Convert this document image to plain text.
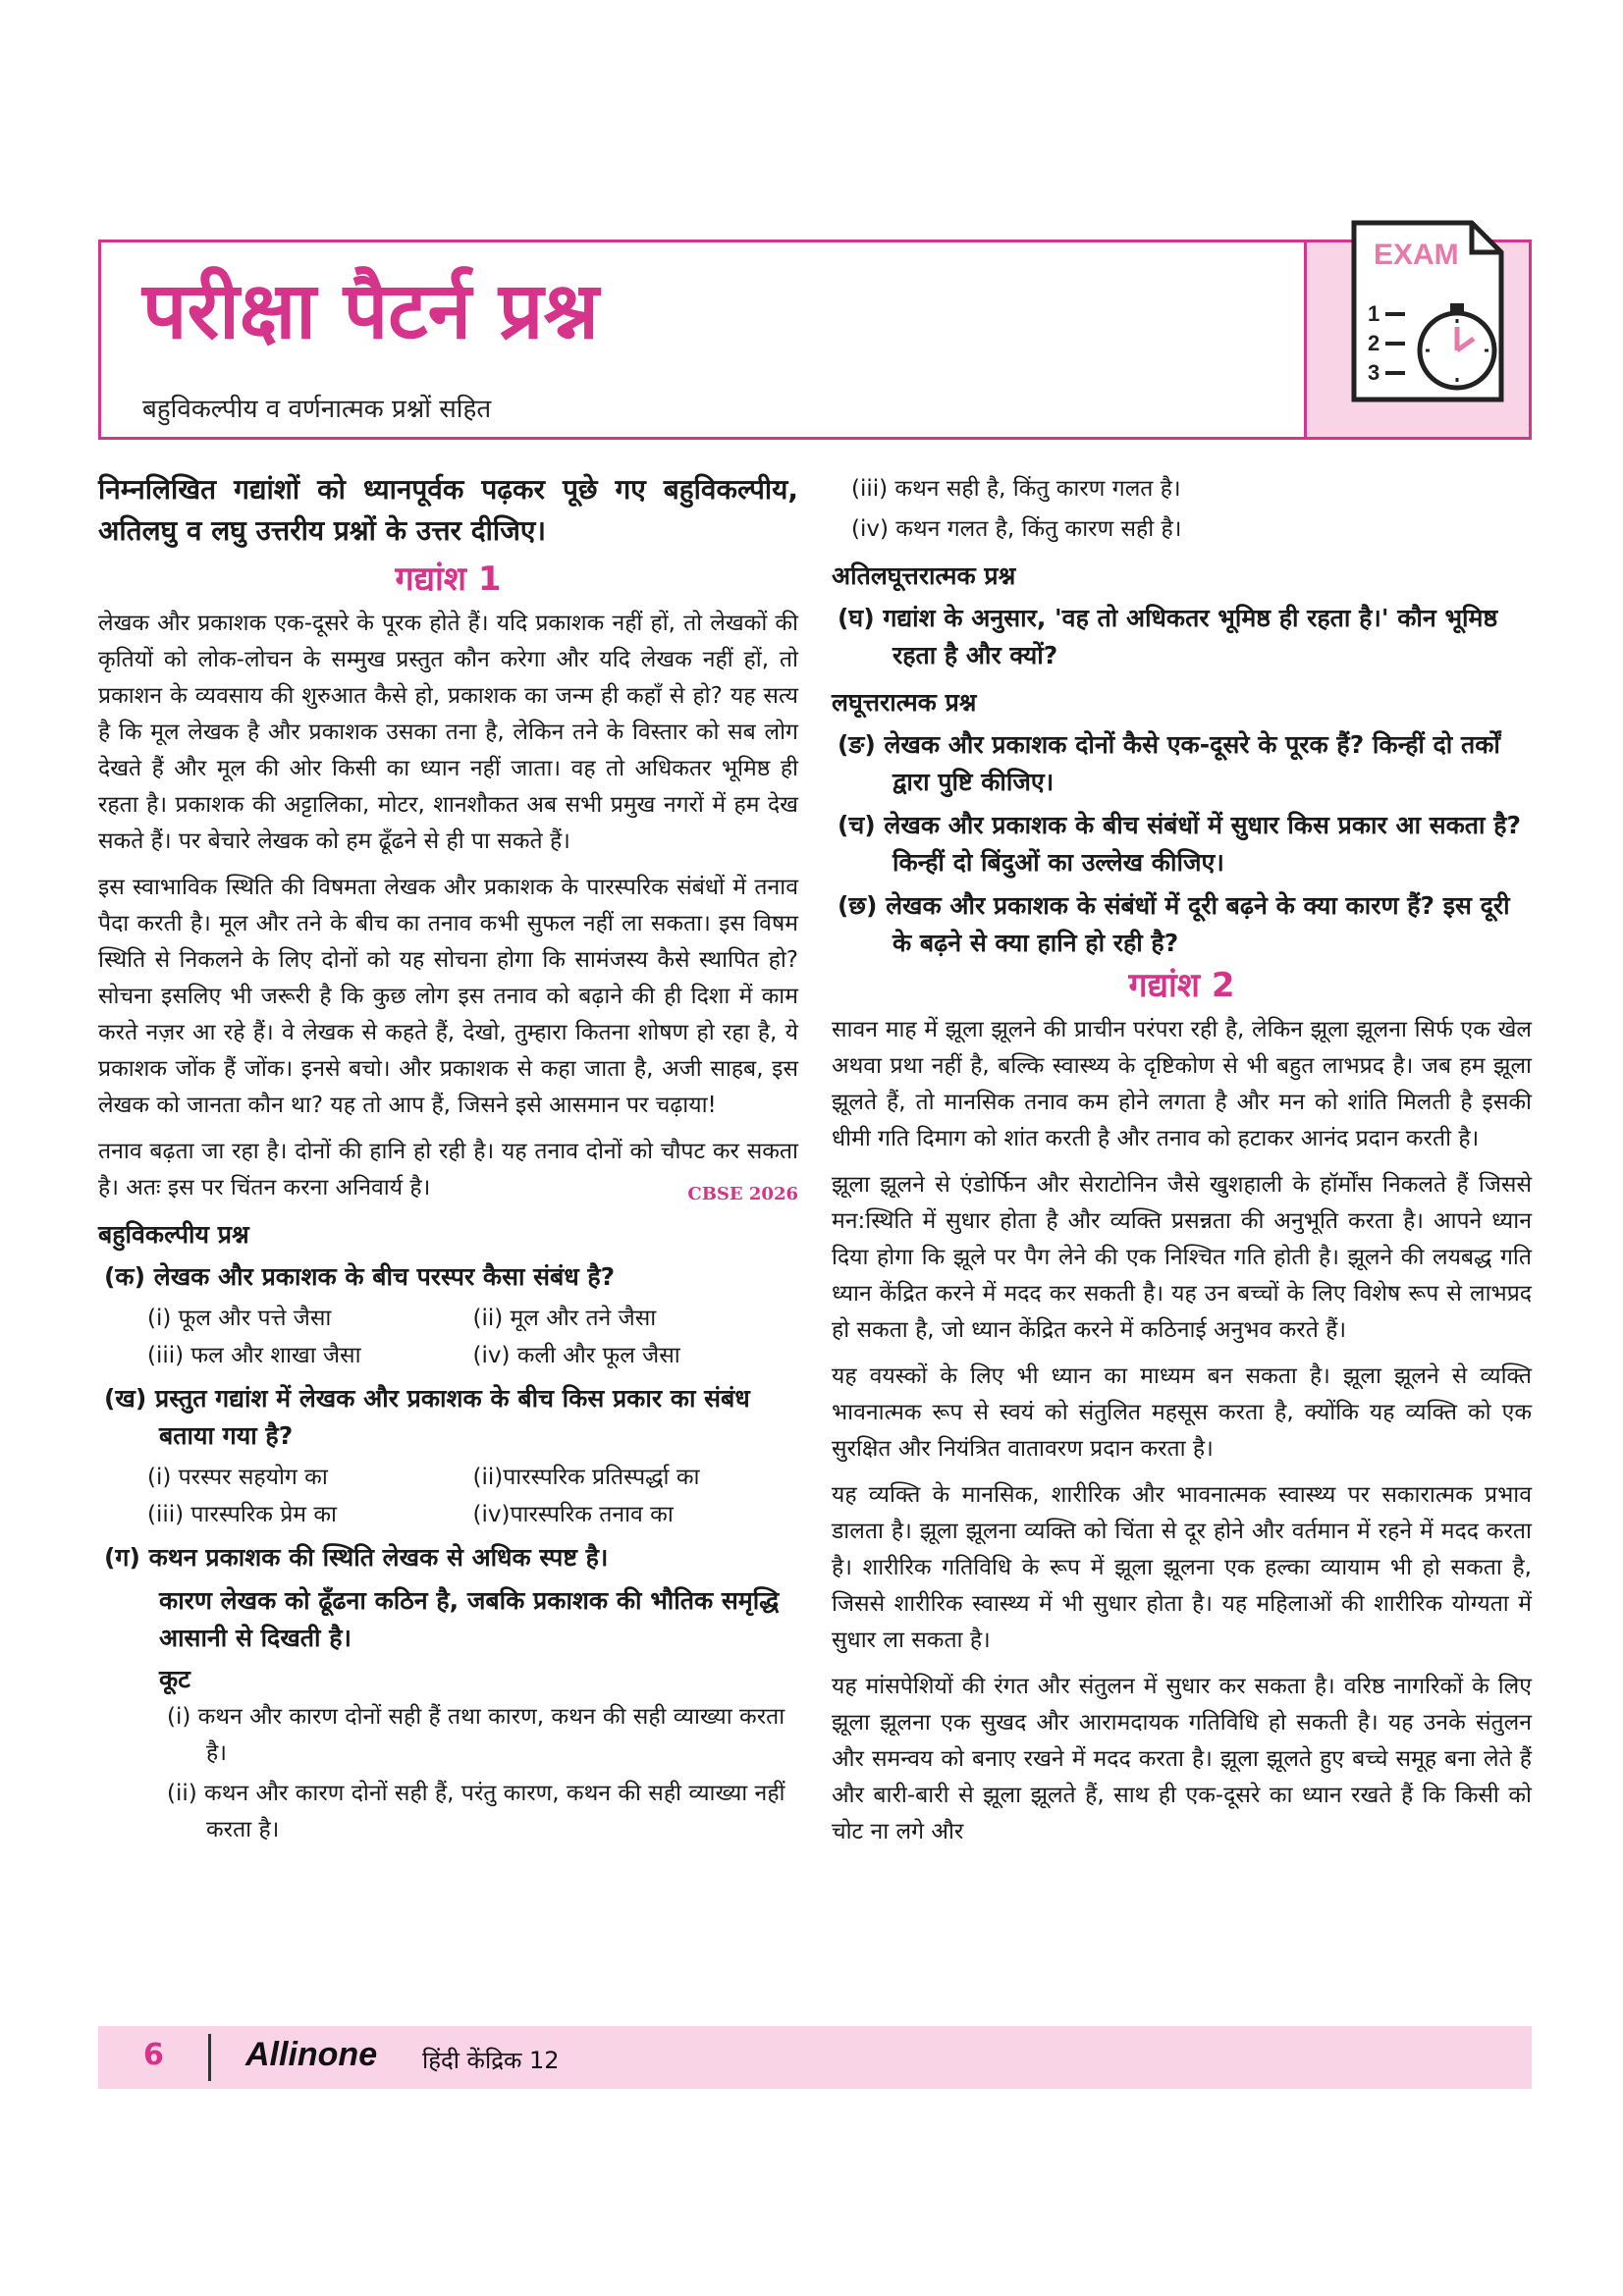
परीक्षा पैटर्न प्रश्न
बहुविकल्पीय व वर्णनात्मक प्रश्नों सहित
EXAM
1
2
3

निम्नलिखित गद्यांशों को ध्यानपूर्वक पढ़कर पूछे गए बहुविकल्पीय, अतिलघु व लघु उत्तरीय प्रश्नों के उत्तर दीजिए।

गद्यांश 1

लेखक और प्रकाशक एक-दूसरे के पूरक होते हैं। यदि प्रकाशक नहीं हों, तो लेखकों की कृतियों को लोक-लोचन के सम्मुख प्रस्तुत कौन करेगा और यदि लेखक नहीं हों, तो प्रकाशन के व्यवसाय की शुरुआत कैसे हो, प्रकाशक का जन्म ही कहाँ से हो? यह सत्य है कि मूल लेखक है और प्रकाशक उसका तना है, लेकिन तने के विस्तार को सब लोग देखते हैं और मूल की ओर किसी का ध्यान नहीं जाता। वह तो अधिकतर भूमिष्ठ ही रहता है। प्रकाशक की अट्टालिका, मोटर, शानशौकत अब सभी प्रमुख नगरों में हम देख सकते हैं। पर बेचारे लेखक को हम ढूँढने से ही पा सकते हैं।

इस स्वाभाविक स्थिति की विषमता लेखक और प्रकाशक के पारस्परिक संबंधों में तनाव पैदा करती है। मूल और तने के बीच का तनाव कभी सुफल नहीं ला सकता। इस विषम स्थिति से निकलने के लिए दोनों को यह सोचना होगा कि सामंजस्य कैसे स्थापित हो? सोचना इसलिए भी जरूरी है कि कुछ लोग इस तनाव को बढ़ाने की ही दिशा में काम करते नज़र आ रहे हैं। वे लेखक से कहते हैं, देखो, तुम्हारा कितना शोषण हो रहा है, ये प्रकाशक जोंक हैं जोंक। इनसे बचो। और प्रकाशक से कहा जाता है, अजी साहब, इस लेखक को जानता कौन था? यह तो आप हैं, जिसने इसे आसमान पर चढ़ाया!

तनाव बढ़ता जा रहा है। दोनों की हानि हो रही है। यह तनाव दोनों को चौपट कर सकता है। अतः इस पर चिंतन करना अनिवार्य है।	CBSE 2026

बहुविकल्पीय प्रश्न
(क) लेखक और प्रकाशक के बीच परस्पर कैसा संबंध है?
(i) फूल और पत्ते जैसा	(ii) मूल और तने जैसा
(iii) फल और शाखा जैसा	(iv) कली और फूल जैसा
(ख) प्रस्तुत गद्यांश में लेखक और प्रकाशक के बीच किस प्रकार का संबंध बताया गया है?
(i) परस्पर सहयोग का	(ii)पारस्परिक प्रतिस्पर्द्धा का
(iii) पारस्परिक प्रेम का	(iv)पारस्परिक तनाव का
(ग) कथन प्रकाशक की स्थिति लेखक से अधिक स्पष्ट है।
कारण लेखक को ढूँढना कठिन है, जबकि प्रकाशक की भौतिक समृद्धि आसानी से दिखती है।
कूट
(i) कथन और कारण दोनों सही हैं तथा कारण, कथन की सही व्याख्या करता है।
(ii) कथन और कारण दोनों सही हैं, परंतु कारण, कथन की सही व्याख्या नहीं करता है।
(iii) कथन सही है, किंतु कारण गलत है।
(iv) कथन गलत है, किंतु कारण सही है।
अतिलघूत्तरात्मक प्रश्न
(घ) गद्यांश के अनुसार, 'वह तो अधिकतर भूमिष्ठ ही रहता है।' कौन भूमिष्ठ रहता है और क्यों?
लघूत्तरात्मक प्रश्न
(ङ) लेखक और प्रकाशक दोनों कैसे एक-दूसरे के पूरक हैं? किन्हीं दो तर्कों द्वारा पुष्टि कीजिए।
(च) लेखक और प्रकाशक के बीच संबंधों में सुधार किस प्रकार आ सकता है? किन्हीं दो बिंदुओं का उल्लेख कीजिए।
(छ) लेखक और प्रकाशक के संबंधों में दूरी बढ़ने के क्या कारण हैं? इस दूरी के बढ़ने से क्या हानि हो रही है?
गद्यांश 2

सावन माह में झूला झूलने की प्राचीन परंपरा रही है, लेकिन झूला झूलना सिर्फ एक खेल अथवा प्रथा नहीं है, बल्कि स्वास्थ्य के दृष्टिकोण से भी बहुत लाभप्रद है। जब हम झूला झूलते हैं, तो मानसिक तनाव कम होने लगता है और मन को शांति मिलती है इसकी धीमी गति दिमाग को शांत करती है और तनाव को हटाकर आनंद प्रदान करती है।

झूला झूलने से एंडोर्फिन और सेराटोनिन जैसे खुशहाली के हॉर्मोंस निकलते हैं जिससे मन:स्थिति में सुधार होता है और व्यक्ति प्रसन्नता की अनुभूति करता है। आपने ध्यान दिया होगा कि झूले पर पैग लेने की एक निश्चित गति होती है। झूलने की लयबद्ध गति ध्यान केंद्रित करने में मदद कर सकती है। यह उन बच्चों के लिए विशेष रूप से लाभप्रद हो सकता है, जो ध्यान केंद्रित करने में कठिनाई अनुभव करते हैं।

यह वयस्कों के लिए भी ध्यान का माध्यम बन सकता है। झूला झूलने से व्यक्ति भावनात्मक रूप से स्वयं को संतुलित महसूस करता है, क्योंकि यह व्यक्ति को एक सुरक्षित और नियंत्रित वातावरण प्रदान करता है।

यह व्यक्ति के मानसिक, शारीरिक और भावनात्मक स्वास्थ्य पर सकारात्मक प्रभाव डालता है। झूला झूलना व्यक्ति को चिंता से दूर होने और वर्तमान में रहने में मदद करता है। शारीरिक गतिविधि के रूप में झूला झूलना एक हल्का व्यायाम भी हो सकता है, जिससे शारीरिक स्वास्थ्य में भी सुधार होता है। यह महिलाओं की शारीरिक योग्यता में सुधार ला सकता है।

यह मांसपेशियों की रंगत और संतुलन में सुधार कर सकता है। वरिष्ठ नागरिकों के लिए झूला झूलना एक सुखद और आरामदायक गतिविधि हो सकती है। यह उनके संतुलन और समन्वय को बनाए रखने में मदद करता है। झूला झूलते हुए बच्चे समूह बना लेते हैं और बारी-बारी से झूला झूलते हैं, साथ ही एक-दूसरे का ध्यान रखते हैं कि किसी को चोट ना लगे और

6 Allinone हिंदी केंद्रिक 12
